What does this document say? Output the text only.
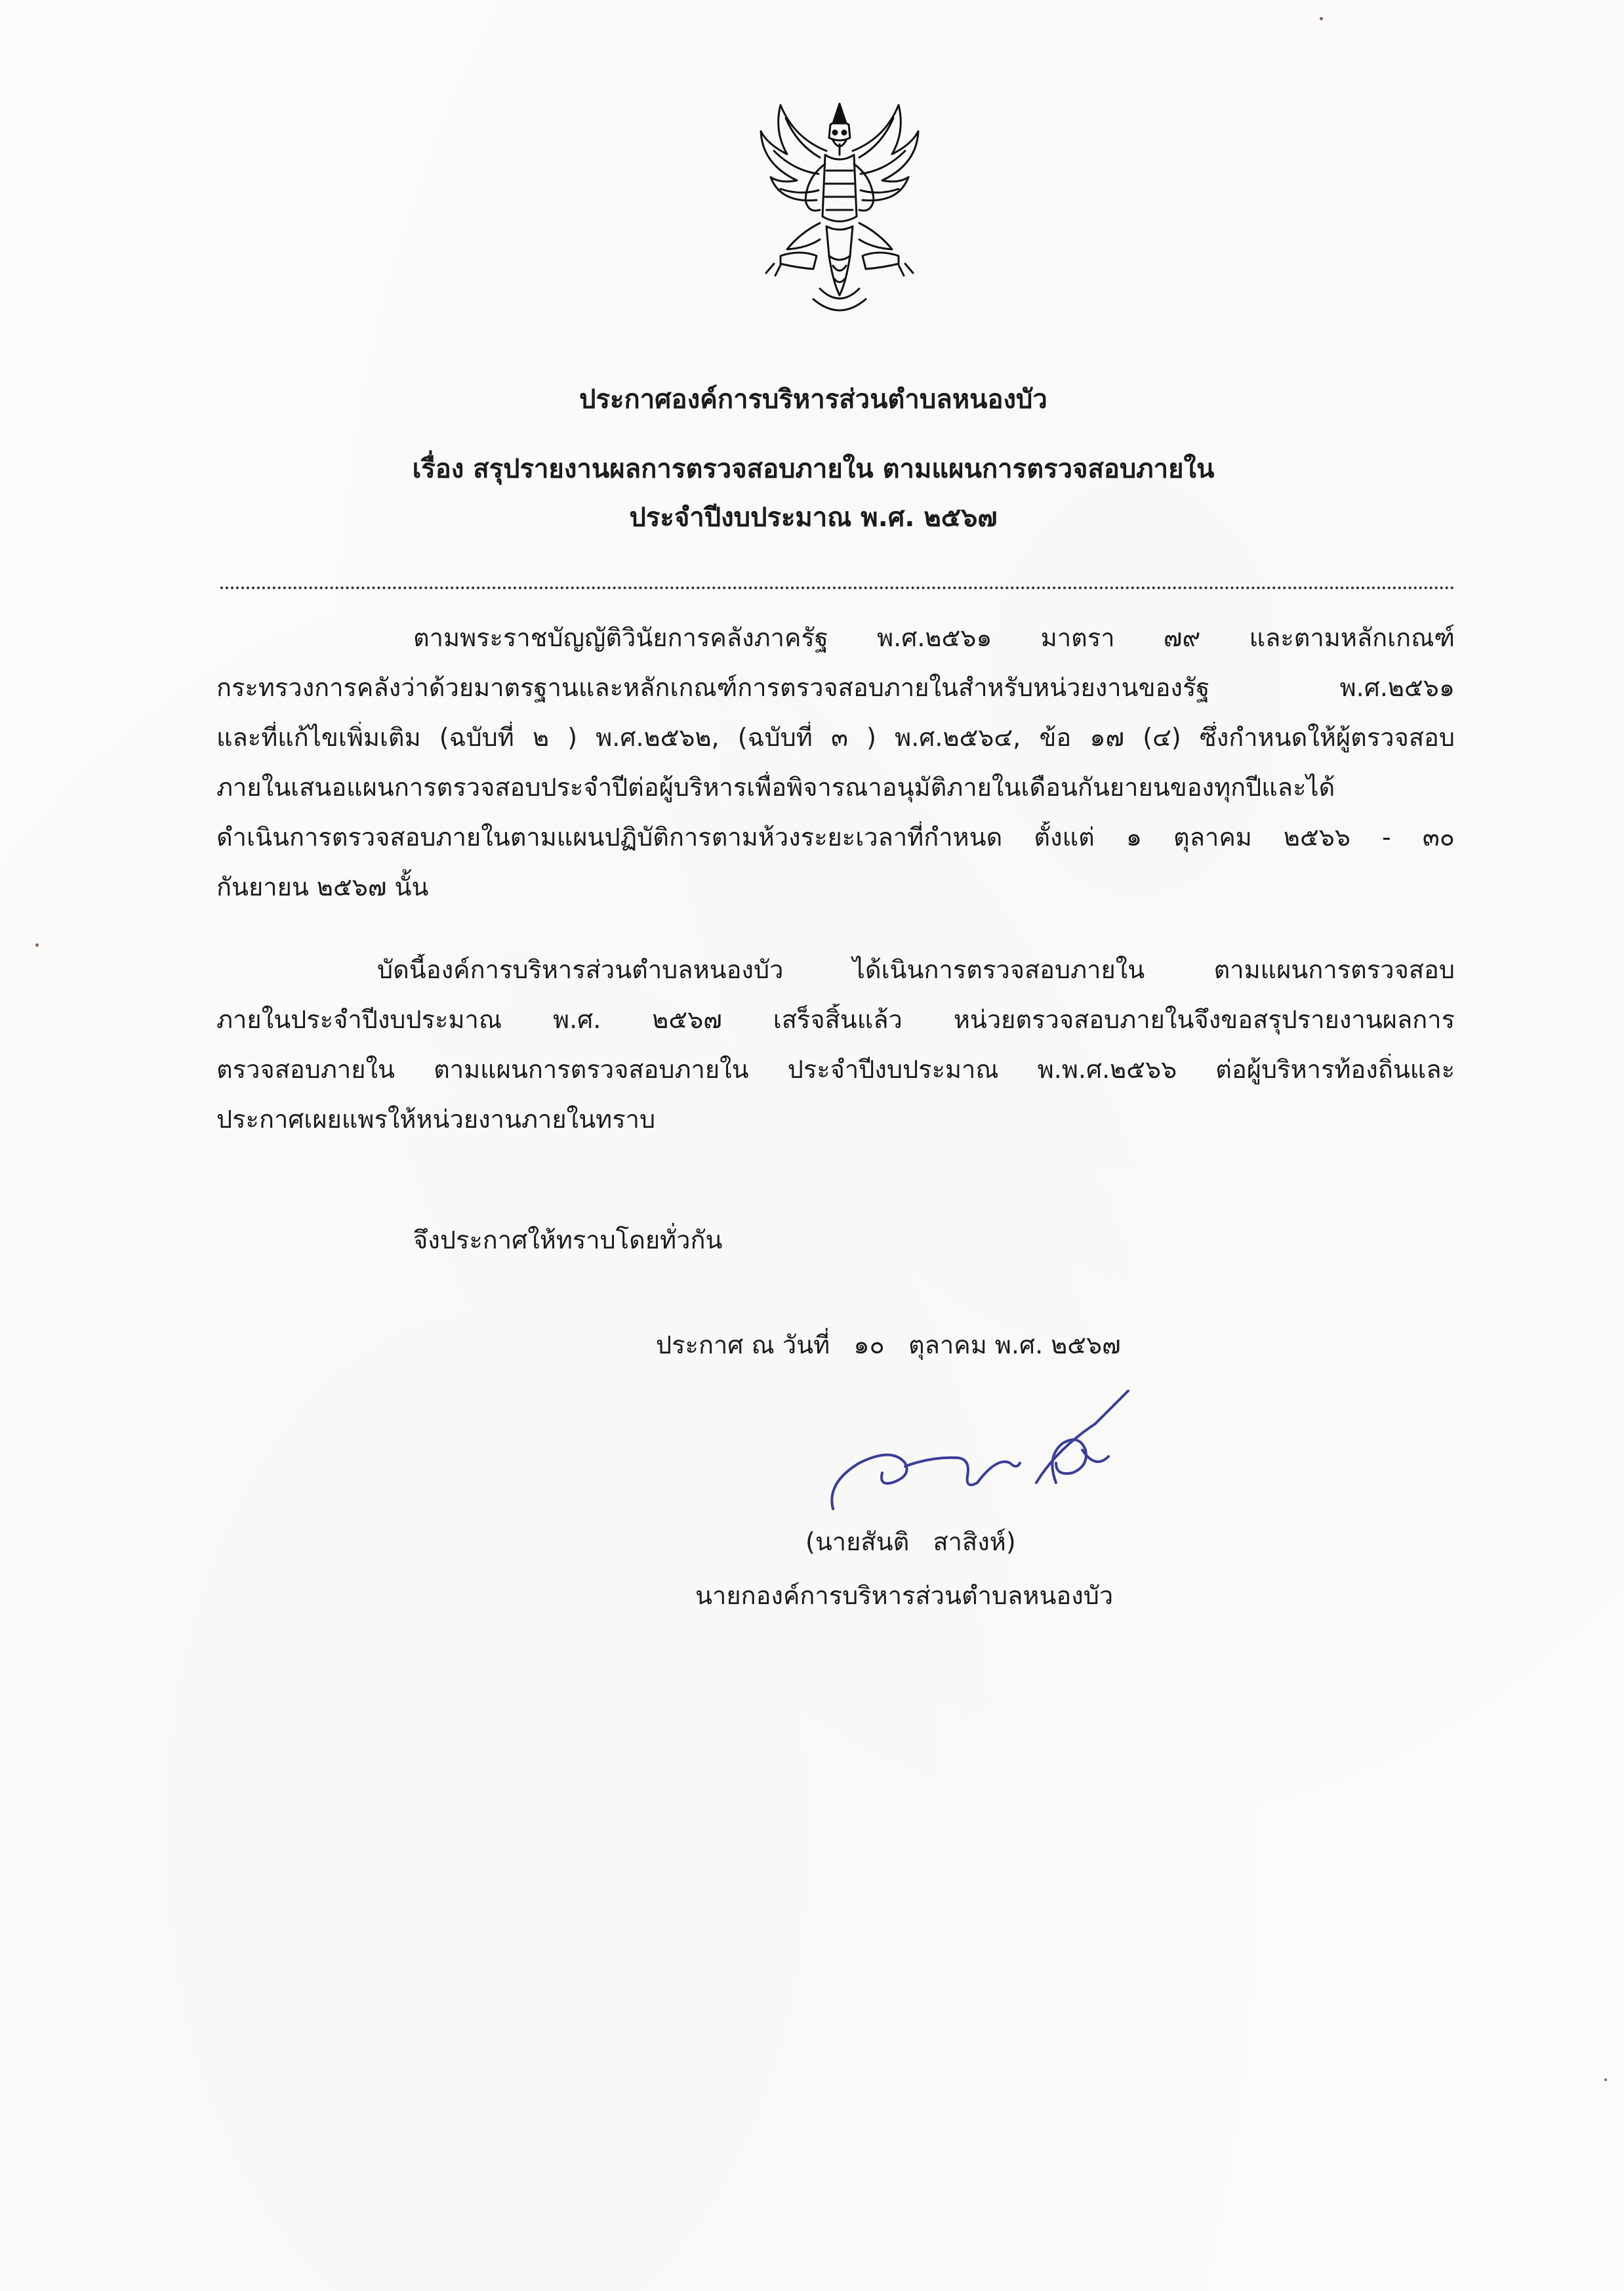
ประกาศองค์การบริหารส่วนตำบลหนองบัว
เรื่อง สรุปรายงานผลการตรวจสอบภายใน ตามแผนการตรวจสอบภายใน
ประจำปีงบประมาณ พ.ศ. ๒๕๖๗
ตามพระราชบัญญัติวินัยการคลังภาครัฐ พ.ศ.๒๕๖๑ มาตรา ๗๙ และตามหลักเกณฑ์
กระทรวงการคลังว่าด้วยมาตรฐานและหลักเกณฑ์การตรวจสอบภายในสำหรับหน่วยงานของรัฐ พ.ศ.๒๕๖๑
และที่แก้ไขเพิ่มเติม (ฉบับที่ ๒ ) พ.ศ.๒๕๖๒, (ฉบับที่ ๓ ) พ.ศ.๒๕๖๔, ข้อ ๑๗ (๔) ซึ่งกำหนดให้ผู้ตรวจสอบ
ภายในเสนอแผนการตรวจสอบประจำปีต่อผู้บริหารเพื่อพิจารณาอนุมัติภายในเดือนกันยายนของทุกปีและได้
ดำเนินการตรวจสอบภายในตามแผนปฏิบัติการตามห้วงระยะเวลาที่กำหนด ตั้งแต่ ๑ ตุลาคม ๒๕๖๖ - ๓๐
กันยายน ๒๕๖๗ นั้น
บัดนี้องค์การบริหารส่วนตำบลหนองบัว ได้เนินการตรวจสอบภายใน ตามแผนการตรวจสอบ
ภายในประจำปีงบประมาณ พ.ศ. ๒๕๖๗ เสร็จสิ้นแล้ว หน่วยตรวจสอบภายในจึงขอสรุปรายงานผลการ
ตรวจสอบภายใน ตามแผนการตรวจสอบภายใน ประจำปีงบประมาณ พ.พ.ศ.๒๕๖๖ ต่อผู้บริหารท้องถิ่นและ
ประกาศเผยแพรให้หน่วยงานภายในทราบ
จึงประกาศให้ทราบโดยทั่วกัน
ประกาศ ณ วันที่   ๑๐   ตุลาคม พ.ศ. ๒๕๖๗
(นายสันติ   สาสิงห์)
นายกองค์การบริหารส่วนตำบลหนองบัว
